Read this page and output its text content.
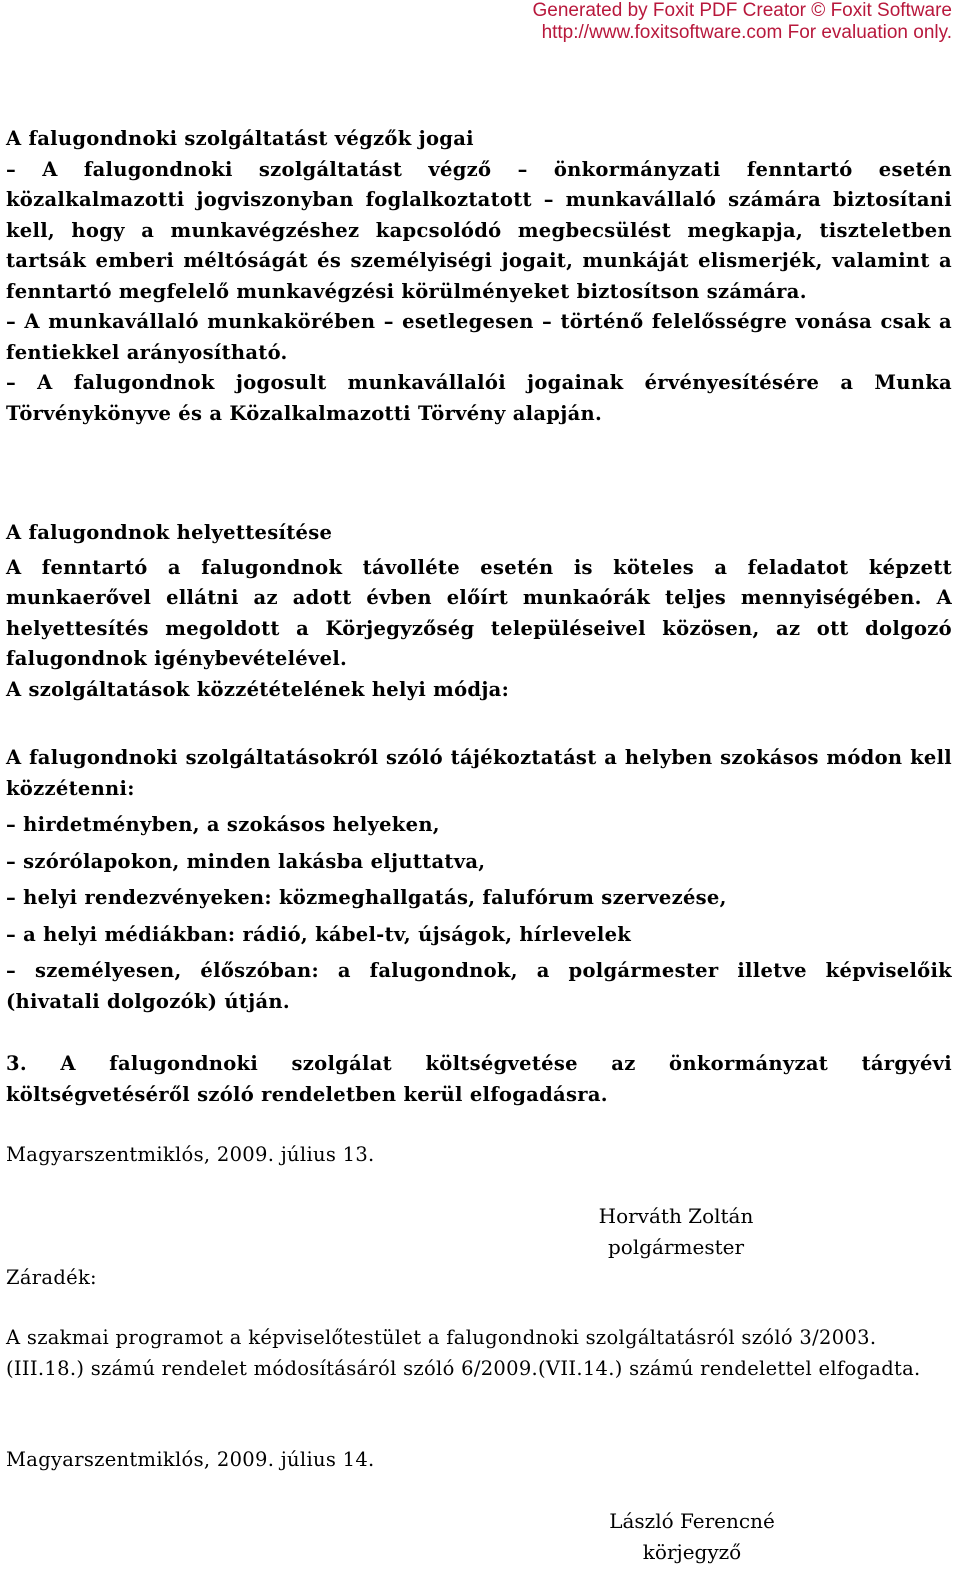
Generated by Foxit PDF Creator © Foxit Software
http://www.foxitsoftware.com For evaluation only.

A falugondnoki szolgáltatást végzők jogai

– A falugondnoki szolgáltatást végző – önkormányzati fenntartó esetén közalkalmazotti jogviszonyban foglalkoztatott – munkavállaló számára biztosítani kell, hogy a munkavégzéshez kapcsolódó megbecsülést megkapja, tiszteletben tartsák emberi méltóságát és személyiségi jogait, munkáját elismerjék, valamint a fenntartó megfelelő munkavégzési körülményeket biztosítson számára.

– A munkavállaló munkakörében – esetlegesen – történő felelősségre vonása csak a fentiekkel arányosítható.

– A falugondnok jogosult munkavállalói jogainak érvényesítésére a Munka Törvénykönyve és a Közalkalmazotti Törvény alapján.

A falugondnok helyettesítése

A fenntartó a falugondnok távolléte esetén is köteles a feladatot képzett munkaerővel ellátni az adott évben előírt munkaórák teljes mennyiségében. A helyettesítés megoldott a Körjegyzőség településeivel közösen, az ott dolgozó falugondnok igénybevételével.

A szolgáltatások közzétételének helyi módja:

A falugondnoki szolgáltatásokról szóló tájékoztatást a helyben szokásos módon kell közzétenni:

– hirdetményben, a szokásos helyeken,

– szórólapokon, minden lakásba eljuttatva,

– helyi rendezvényeken: közmeghallgatás, falufórum szervezése,

– a helyi médiákban: rádió, kábel-tv, újságok, hírlevelek

– személyesen, élőszóban: a falugondnok, a polgármester illetve képviselőik (hivatali dolgozók) útján.

3. A falugondnoki szolgálat költségvetése az önkormányzat tárgyévi költségvetéséről szóló rendeletben kerül elfogadásra.

Magyarszentmiklós, 2009. július 13.

Horváth Zoltán
polgármester

Záradék:

A szakmai programot a képviselőtestület a falugondnoki szolgáltatásról szóló 3/2003.(III.18.) számú rendelet módosításáról szóló 6/2009.(VII.14.) számú rendelettel elfogadta.

Magyarszentmiklós, 2009. július 14.

László Ferencné
körjegyző
